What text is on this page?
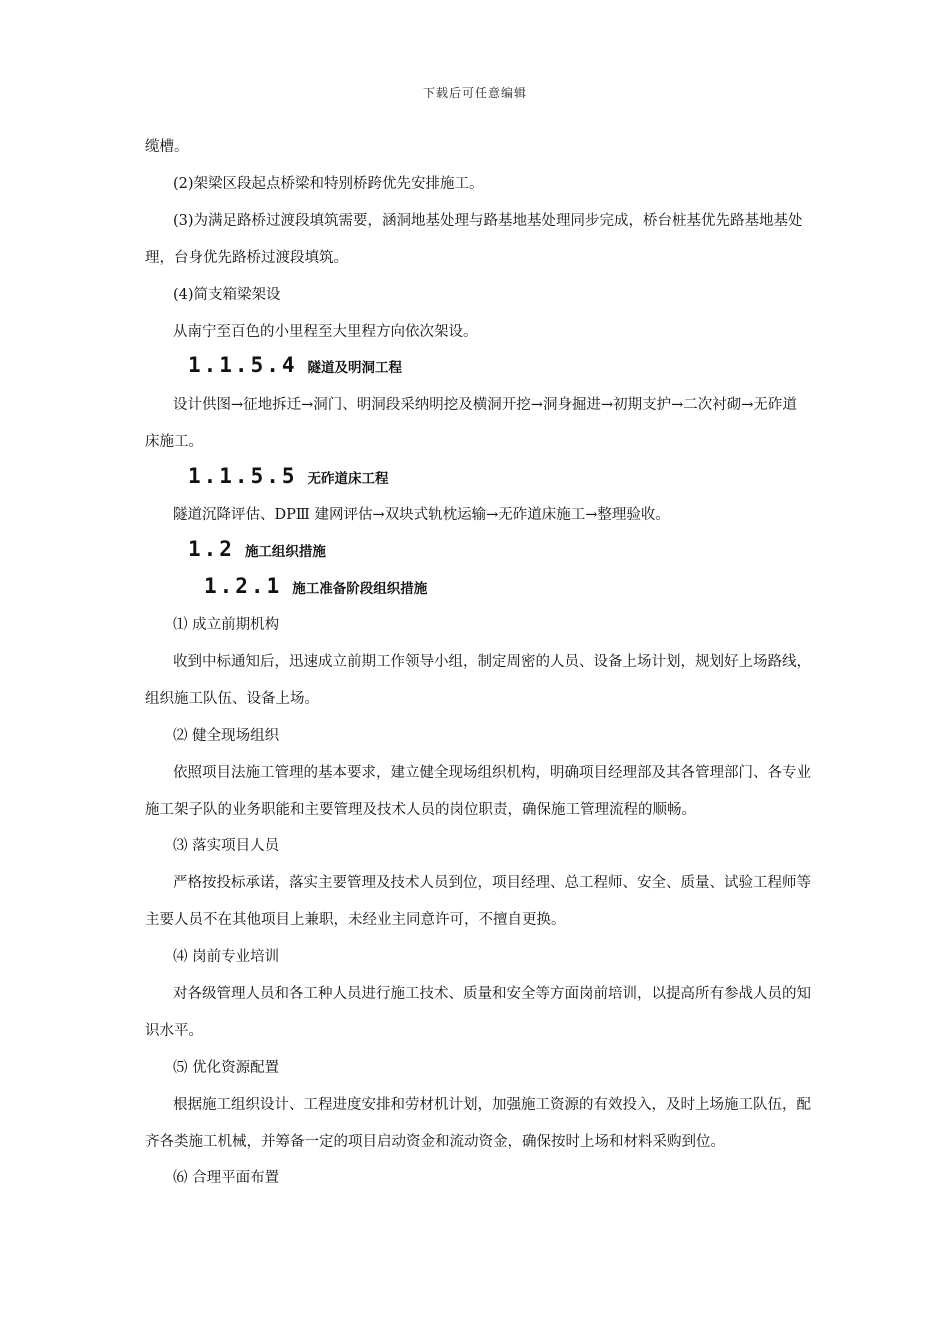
下载后可任意编辑
缆槽。
(2)架梁区段起点桥梁和特别桥跨优先安排施工。
(3)为满足路桥过渡段填筑需要，涵洞地基处理与路基地基处理同步完成，桥台桩基优先路基地基处
理，台身优先路桥过渡段填筑。
(4)简支箱梁架设
从南宁至百色的小里程至大里程方向依次架设。
1.1.5.4 隧道及明洞工程
设计供图→征地拆迁→洞门、明洞段采纳明挖及横洞开挖→洞身掘进→初期支护→二次衬砌→无砟道
床施工。
1.1.5.5 无砟道床工程
隧道沉降评估、DPⅢ 建网评估→双块式轨枕运输→无砟道床施工→整理验收。
1.2 施工组织措施
1.2.1 施工准备阶段组织措施
⑴ 成立前期机构
收到中标通知后，迅速成立前期工作领导小组，制定周密的人员、设备上场计划，规划好上场路线，
组织施工队伍、设备上场。
⑵ 健全现场组织
依照项目法施工管理的基本要求，建立健全现场组织机构，明确项目经理部及其各管理部门、各专业
施工架子队的业务职能和主要管理及技术人员的岗位职责，确保施工管理流程的顺畅。
⑶ 落实项目人员
严格按投标承诺，落实主要管理及技术人员到位，项目经理、总工程师、安全、质量、试验工程师等
主要人员不在其他项目上兼职，未经业主同意许可，不擅自更换。
⑷ 岗前专业培训
对各级管理人员和各工种人员进行施工技术、质量和安全等方面岗前培训，以提高所有参战人员的知
识水平。
⑸ 优化资源配置
根据施工组织设计、工程进度安排和劳材机计划，加强施工资源的有效投入，及时上场施工队伍，配
齐各类施工机械，并筹备一定的项目启动资金和流动资金，确保按时上场和材料采购到位。
⑹ 合理平面布置
